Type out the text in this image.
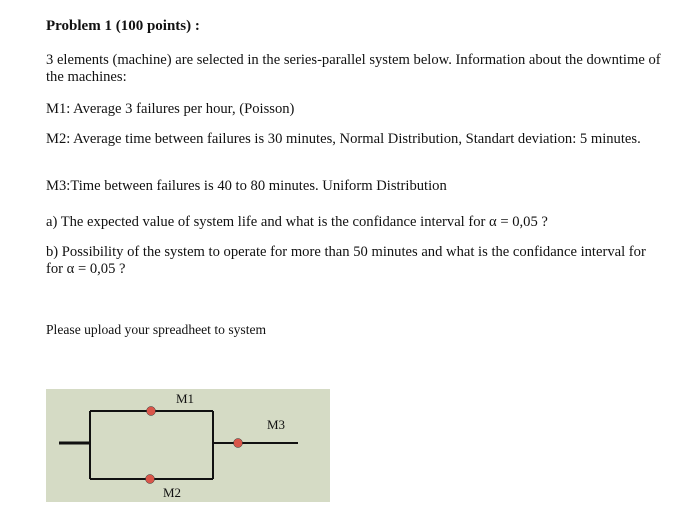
Problem 1 (100 points) :
3 elements (machine) are selected in the series-parallel system below. Information about the downtime of the machines:
M1: Average 3 failures per hour, (Poisson)
M2: Average time between failures is 30 minutes, Normal Distribution, Standart deviation: 5 minutes.
M3:Time between failures is 40 to 80 minutes. Uniform Distribution
a) The expected value of system life and what is the confidance interval for α = 0,05 ?
b) Possibility of the system to operate for more than 50 minutes and what is the confidance interval for for α = 0,05 ?
Please upload your spreadheet to system
M1
M2
M3
